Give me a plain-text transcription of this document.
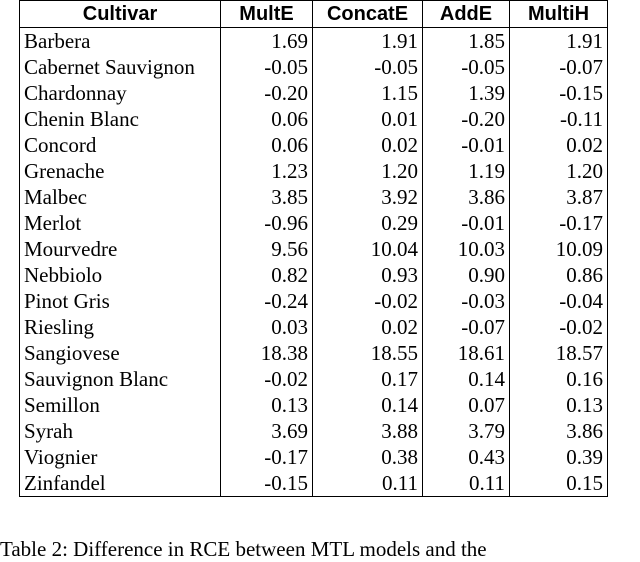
Cultivar	MultE	ConcatE	AddE	MultiH
Barbera	1.69	1.91	1.85	1.91
Cabernet Sauvignon	-0.05	-0.05	-0.05	-0.07
Chardonnay	-0.20	1.15	1.39	-0.15
Chenin Blanc	0.06	0.01	-0.20	-0.11
Concord	0.06	0.02	-0.01	0.02
Grenache	1.23	1.20	1.19	1.20
Malbec	3.85	3.92	3.86	3.87
Merlot	-0.96	0.29	-0.01	-0.17
Mourvedre	9.56	10.04	10.03	10.09
Nebbiolo	0.82	0.93	0.90	0.86
Pinot Gris	-0.24	-0.02	-0.03	-0.04
Riesling	0.03	0.02	-0.07	-0.02
Sangiovese	18.38	18.55	18.61	18.57
Sauvignon Blanc	-0.02	0.17	0.14	0.16
Semillon	0.13	0.14	0.07	0.13
Syrah	3.69	3.88	3.79	3.86
Viognier	-0.17	0.38	0.43	0.39
Zinfandel	-0.15	0.11	0.11	0.15
Table 2: Difference in RCE between MTL models and the
